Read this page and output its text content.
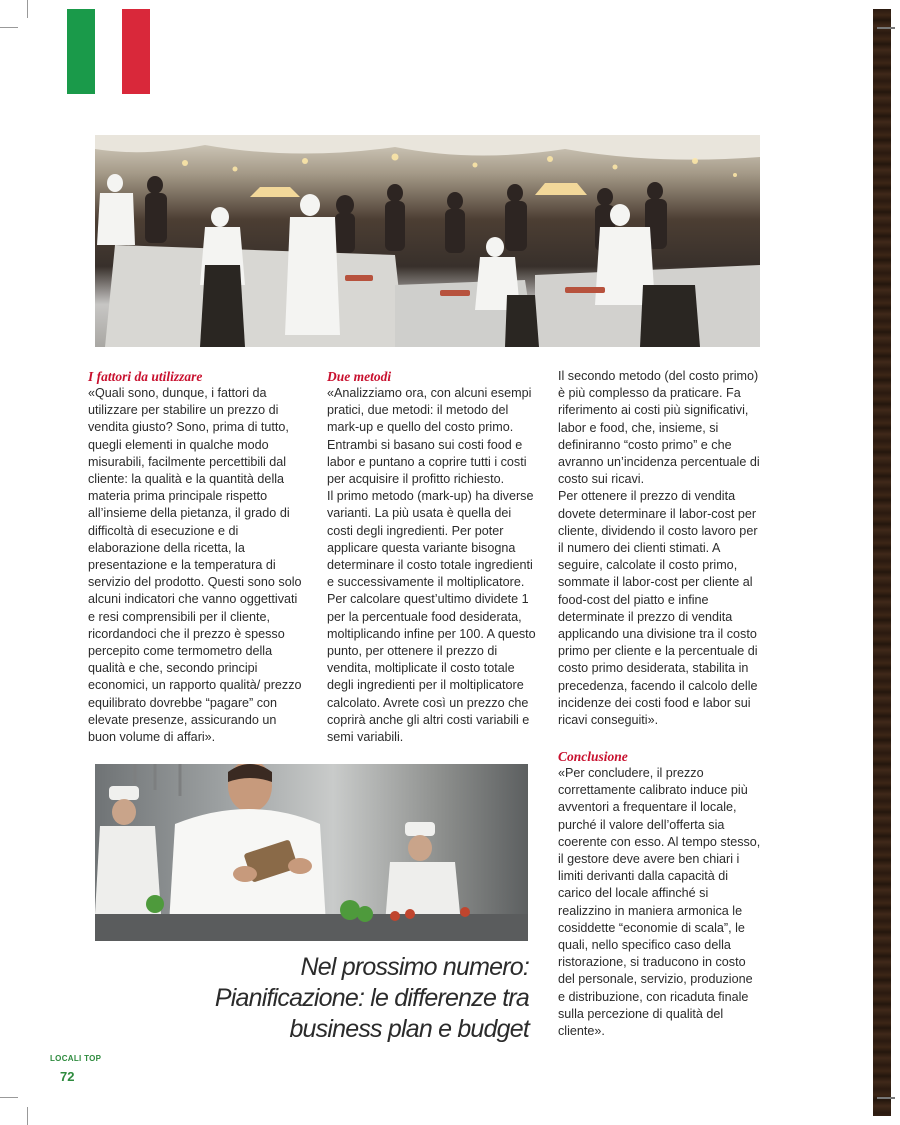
I fattori da utilizzare

«Quali sono, dunque, i fattori da utilizzare per stabilire un prezzo di vendita giusto? Sono, prima di tutto, quegli elementi in qualche modo misurabili, facilmente percettibili dal cliente: la qualità e la quantità della materia prima principale rispetto all’insieme della pietanza, il grado di difficoltà di esecuzione e di elaborazione della ricetta, la presentazione e la temperatura di servizio del prodotto. Questi sono solo alcuni indicatori che vanno oggettivati e resi comprensibili per il cliente, ricordandoci che il prezzo è spesso percepito come termometro della qualità e che, secondo principi economici, un rapporto qualità/ prezzo equilibrato dovrebbe “pagare” con elevate presenze, assicurando un buon volume di affari».

Due metodi

«Analizziamo ora, con alcuni esempi pratici, due metodi: il metodo del mark-up e quello del costo primo. Entrambi si basano sui costi food e labor e puntano a coprire tutti i costi per acquisire il profitto richiesto.

Il primo metodo (mark-up) ha diverse varianti. La più usata è quella dei costi degli ingredienti. Per poter applicare questa variante bisogna determinare il costo totale ingredienti e successivamente il moltiplicatore. Per calcolare quest’ultimo dividete 1 per la percentuale food desiderata, moltiplicando infine per 100. A questo punto, per ottenere il prezzo di vendita, moltiplicate il costo totale degli ingredienti per il moltiplicatore calcolato. Avrete così un prezzo che coprirà anche gli altri costi variabili e semi variabili.

Il secondo metodo (del costo primo) è più complesso da praticare. Fa riferimento ai costi più significativi, labor e food, che, insieme, si definiranno “costo primo” e che avranno un’incidenza percentuale di costo sui ricavi.

Per ottenere il prezzo di vendita dovete determinare il labor-cost per cliente, dividendo il costo lavoro per il numero dei clienti stimati. A seguire, calcolate il costo primo, sommate il labor-cost per cliente al food-cost del piatto e infine determinate il prezzo di vendita applicando una divisione tra il costo primo per cliente e la percentuale di costo primo desiderata, stabilita in precedenza, facendo il calcolo delle incidenze dei costi food e labor sui ricavi conseguiti».

Conclusione

«Per concludere, il prezzo correttamente calibrato induce più avventori a frequentare il locale, purché il valore dell’offerta sia coerente con esso. Al tempo stesso, il gestore deve avere ben chiari i limiti derivanti dalla capacità di carico del locale affinché si realizzino in maniera armonica le cosiddette “economie di scala”, le quali, nello specifico caso della ristorazione, si traducono in costo del personale, servizio, produzione e distribuzione, con ricaduta finale sulla percezione di qualità del cliente».

Nel prossimo numero:
Pianificazione: le differenze tra
business plan e budget
LOCALI TOP
72
